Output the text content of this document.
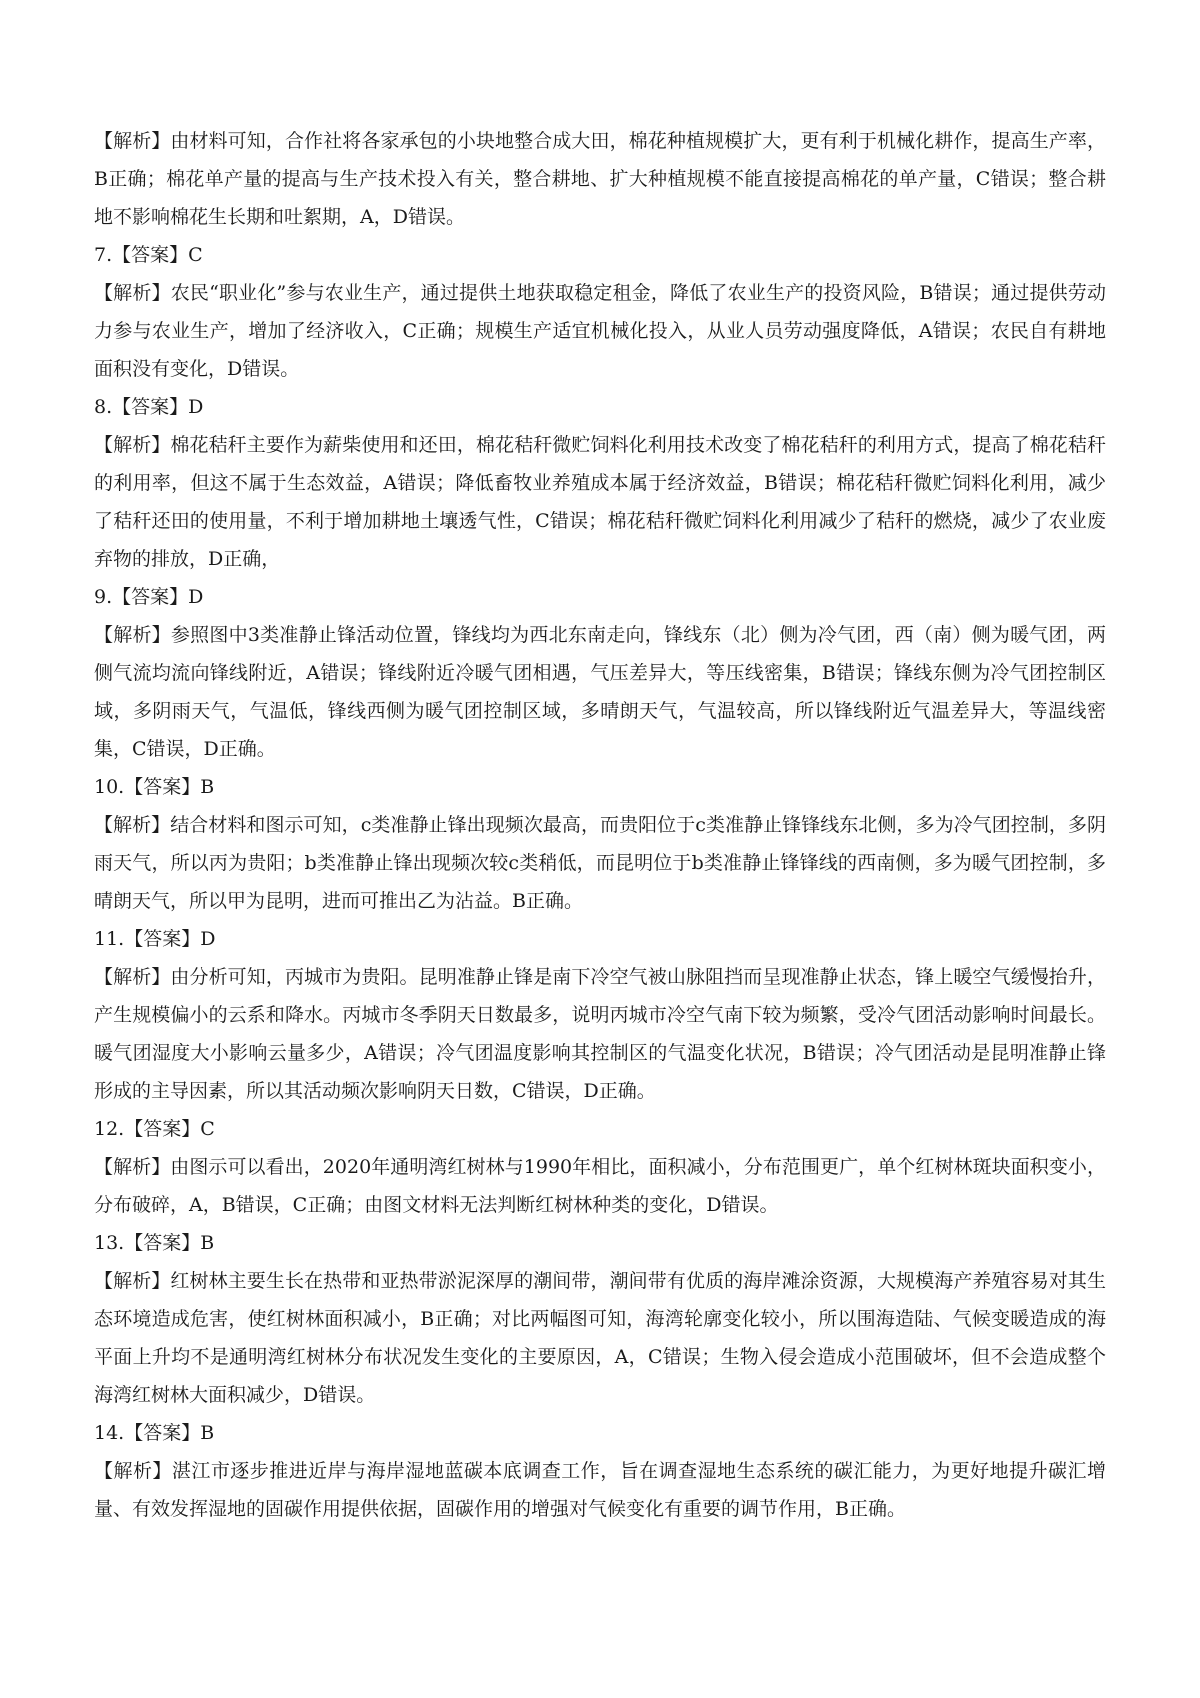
【解析】由材料可知，合作社将各家承包的小块地整合成大田，棉花种植规模扩大，更有利于机械化耕作，提高生产率，B正确；棉花单产量的提高与生产技术投入有关，整合耕地、扩大种植规模不能直接提高棉花的单产量，C错误；整合耕地不影响棉花生长期和吐絮期，A，D错误。

7.【答案】C

【解析】农民“职业化”参与农业生产，通过提供土地获取稳定租金，降低了农业生产的投资风险，B错误；通过提供劳动力参与农业生产，增加了经济收入，C正确；规模生产适宜机械化投入，从业人员劳动强度降低，A错误；农民自有耕地面积没有变化，D错误。

8.【答案】D

【解析】棉花秸秆主要作为薪柴使用和还田，棉花秸秆微贮饲料化利用技术改变了棉花秸秆的利用方式，提高了棉花秸秆的利用率，但这不属于生态效益，A错误；降低畜牧业养殖成本属于经济效益，B错误；棉花秸秆微贮饲料化利用，减少了秸秆还田的使用量，不利于增加耕地土壤透气性，C错误；棉花秸秆微贮饲料化利用减少了秸秆的燃烧，减少了农业废弃物的排放，D正确，

9.【答案】D

【解析】参照图中3类准静止锋活动位置，锋线均为西北东南走向，锋线东（北）侧为冷气团，西（南）侧为暖气团，两侧气流均流向锋线附近，A错误；锋线附近冷暖气团相遇，气压差异大，等压线密集，B错误；锋线东侧为冷气团控制区域，多阴雨天气，气温低，锋线西侧为暖气团控制区域，多晴朗天气，气温较高，所以锋线附近气温差异大，等温线密集，C错误，D正确。

10.【答案】B

【解析】结合材料和图示可知，c类准静止锋出现频次最高，而贵阳位于c类准静止锋锋线东北侧，多为冷气团控制，多阴雨天气，所以丙为贵阳；b类准静止锋出现频次较c类稍低，而昆明位于b类准静止锋锋线的西南侧，多为暖气团控制，多晴朗天气，所以甲为昆明，进而可推出乙为沾益。B正确。

11.【答案】D

【解析】由分析可知，丙城市为贵阳。昆明准静止锋是南下冷空气被山脉阻挡而呈现准静止状态，锋上暖空气缓慢抬升，产生规模偏小的云系和降水。丙城市冬季阴天日数最多，说明丙城市冷空气南下较为频繁，受冷气团活动影响时间最长。暖气团湿度大小影响云量多少，A错误；冷气团温度影响其控制区的气温变化状况，B错误；冷气团活动是昆明准静止锋形成的主导因素，所以其活动频次影响阴天日数，C错误，D正确。

12.【答案】C

【解析】由图示可以看出，2020年通明湾红树林与1990年相比，面积减小，分布范围更广，单个红树林斑块面积变小，分布破碎，A，B错误，C正确；由图文材料无法判断红树林种类的变化，D错误。

13.【答案】B

【解析】红树林主要生长在热带和亚热带淤泥深厚的潮间带，潮间带有优质的海岸滩涂资源，大规模海产养殖容易对其生态环境造成危害，使红树林面积减小，B正确；对比两幅图可知，海湾轮廓变化较小，所以围海造陆、气候变暖造成的海平面上升均不是通明湾红树林分布状况发生变化的主要原因，A，C错误；生物入侵会造成小范围破坏，但不会造成整个海湾红树林大面积减少，D错误。

14.【答案】B

【解析】湛江市逐步推进近岸与海岸湿地蓝碳本底调查工作，旨在调查湿地生态系统的碳汇能力，为更好地提升碳汇增量、有效发挥湿地的固碳作用提供依据，固碳作用的增强对气候变化有重要的调节作用，B正确。
